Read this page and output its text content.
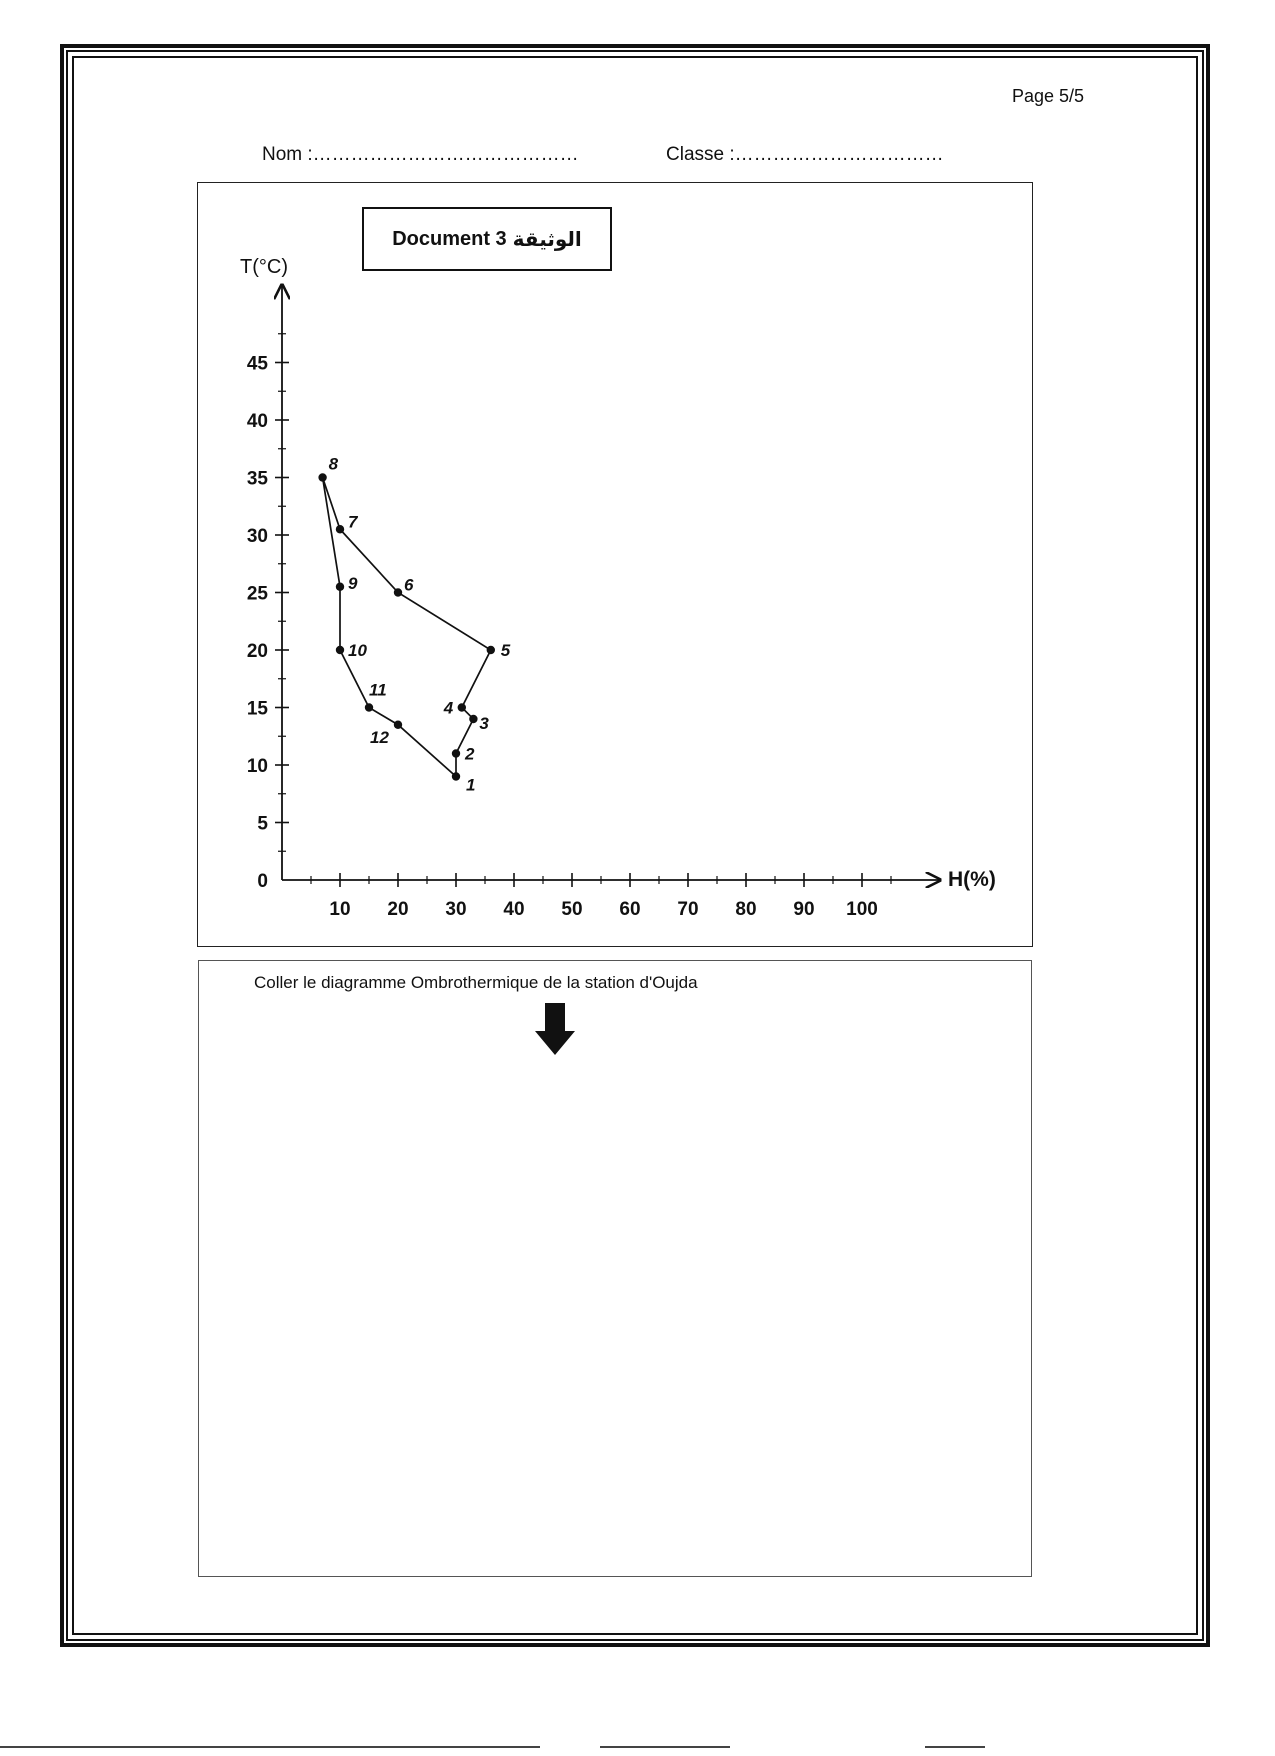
Page 5/5
Nom :……………………………………	Classe :……………………………
Document 3 الوثيقة
0
5
10
15
20
25
30
35
40
45
10 20 30 40 50 60 70 80 90 100
1
2
3
4
5
6
7
8
9
10
11
12
T(°C)
H(%)
Coller le diagramme Ombrothermique de la station d'Oujda
